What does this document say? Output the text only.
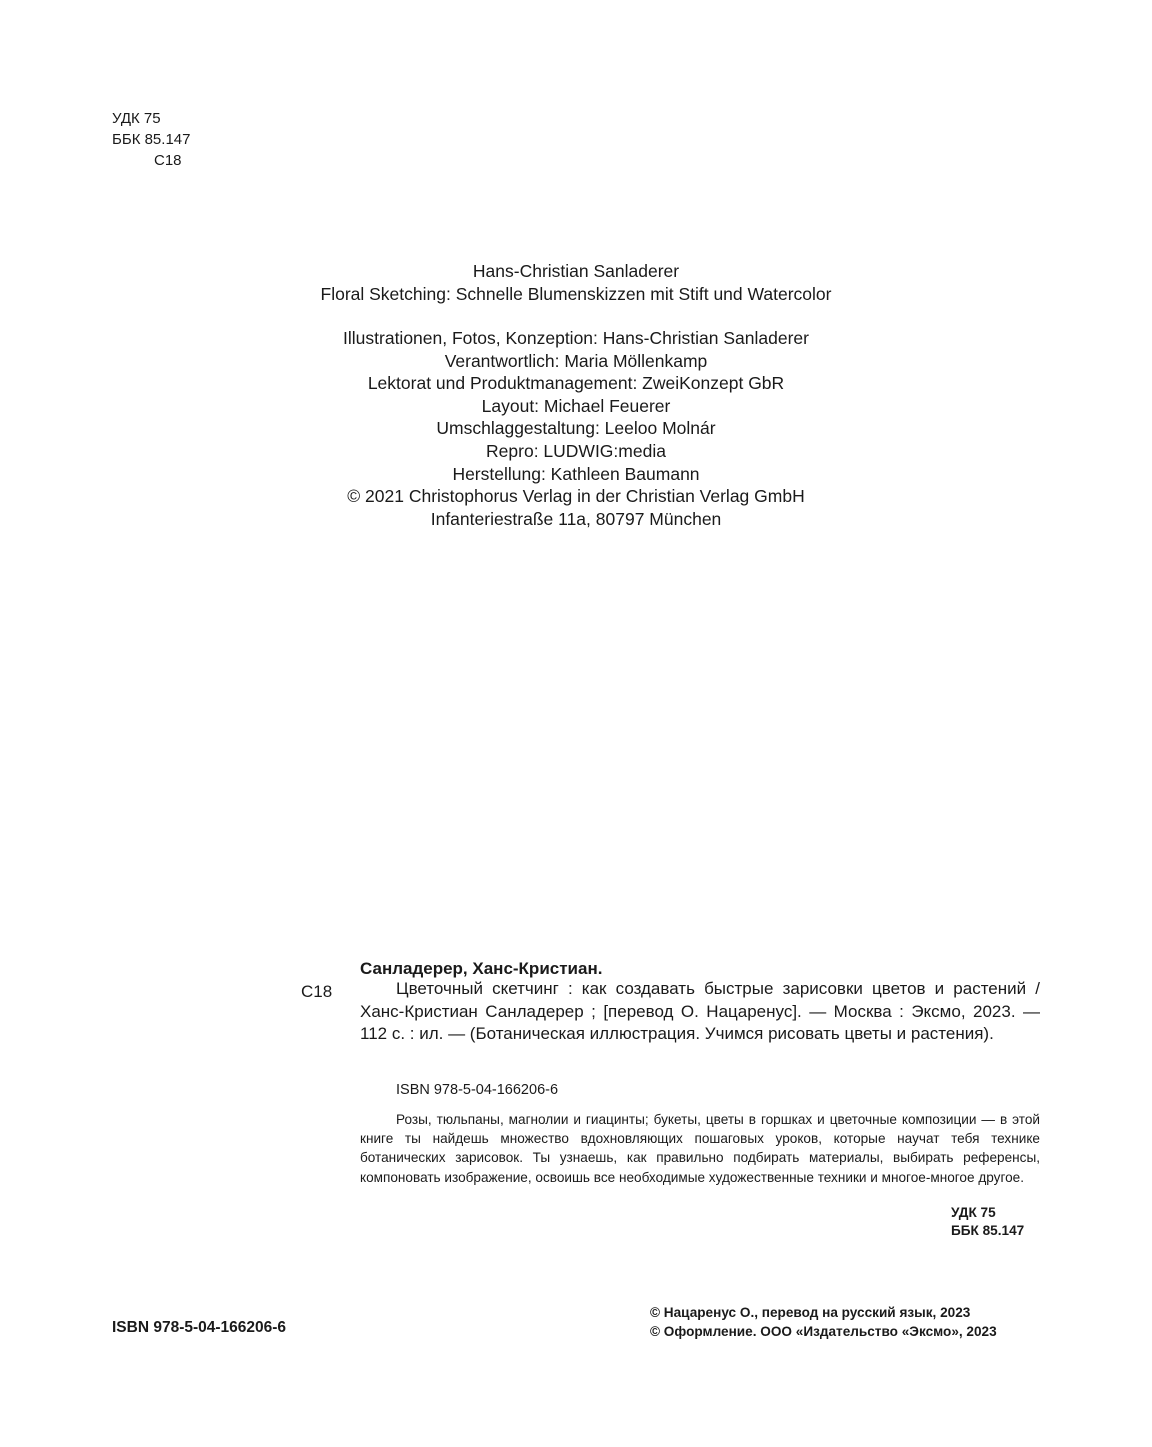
УДК 75
ББК 85.147
С18
Hans-Christian Sanladerer
Floral Sketching: Schnelle Blumenskizzen mit Stift und Watercolor
Illustrationen, Fotos, Konzeption: Hans-Christian Sanladerer
Verantwortlich: Maria Möllenkamp
Lektorat und Produktmanagement: ZweiKonzept GbR
Layout: Michael Feuerer
Umschlaggestaltung: Leeloo Molnár
Repro: LUDWIG:media
Herstellung: Kathleen Baumann
© 2021 Christophorus Verlag in der Christian Verlag GmbH
Infanteriestraße 11a, 80797 München
Санладерер, Ханс-Кристиан.
С18	Цветочный скетчинг : как создавать быстрые зарисовки цветов и растений / Ханс-Кристиан Санладерер ; [перевод О. Нацаренус]. — Москва : Эксмо, 2023. — 112 с. : ил. — (Ботаническая иллюстрация. Учимся рисовать цветы и растения).
ISBN 978-5-04-166206-6
Розы, тюльпаны, магнолии и гиацинты; букеты, цветы в горшках и цветочные композиции — в этой книге ты найдешь множество вдохновляющих пошаговых уроков, которые научат тебя технике ботанических зарисовок. Ты узнаешь, как правильно подбирать материалы, выбирать референсы, компоновать изображение, освоишь все необходимые художественные техники и многое-многое другое.
УДК 75
ББК 85.147
ISBN 978-5-04-166206-6
© Нацаренус О., перевод на русский язык, 2023
© Оформление. ООО «Издательство «Эксмо», 2023
